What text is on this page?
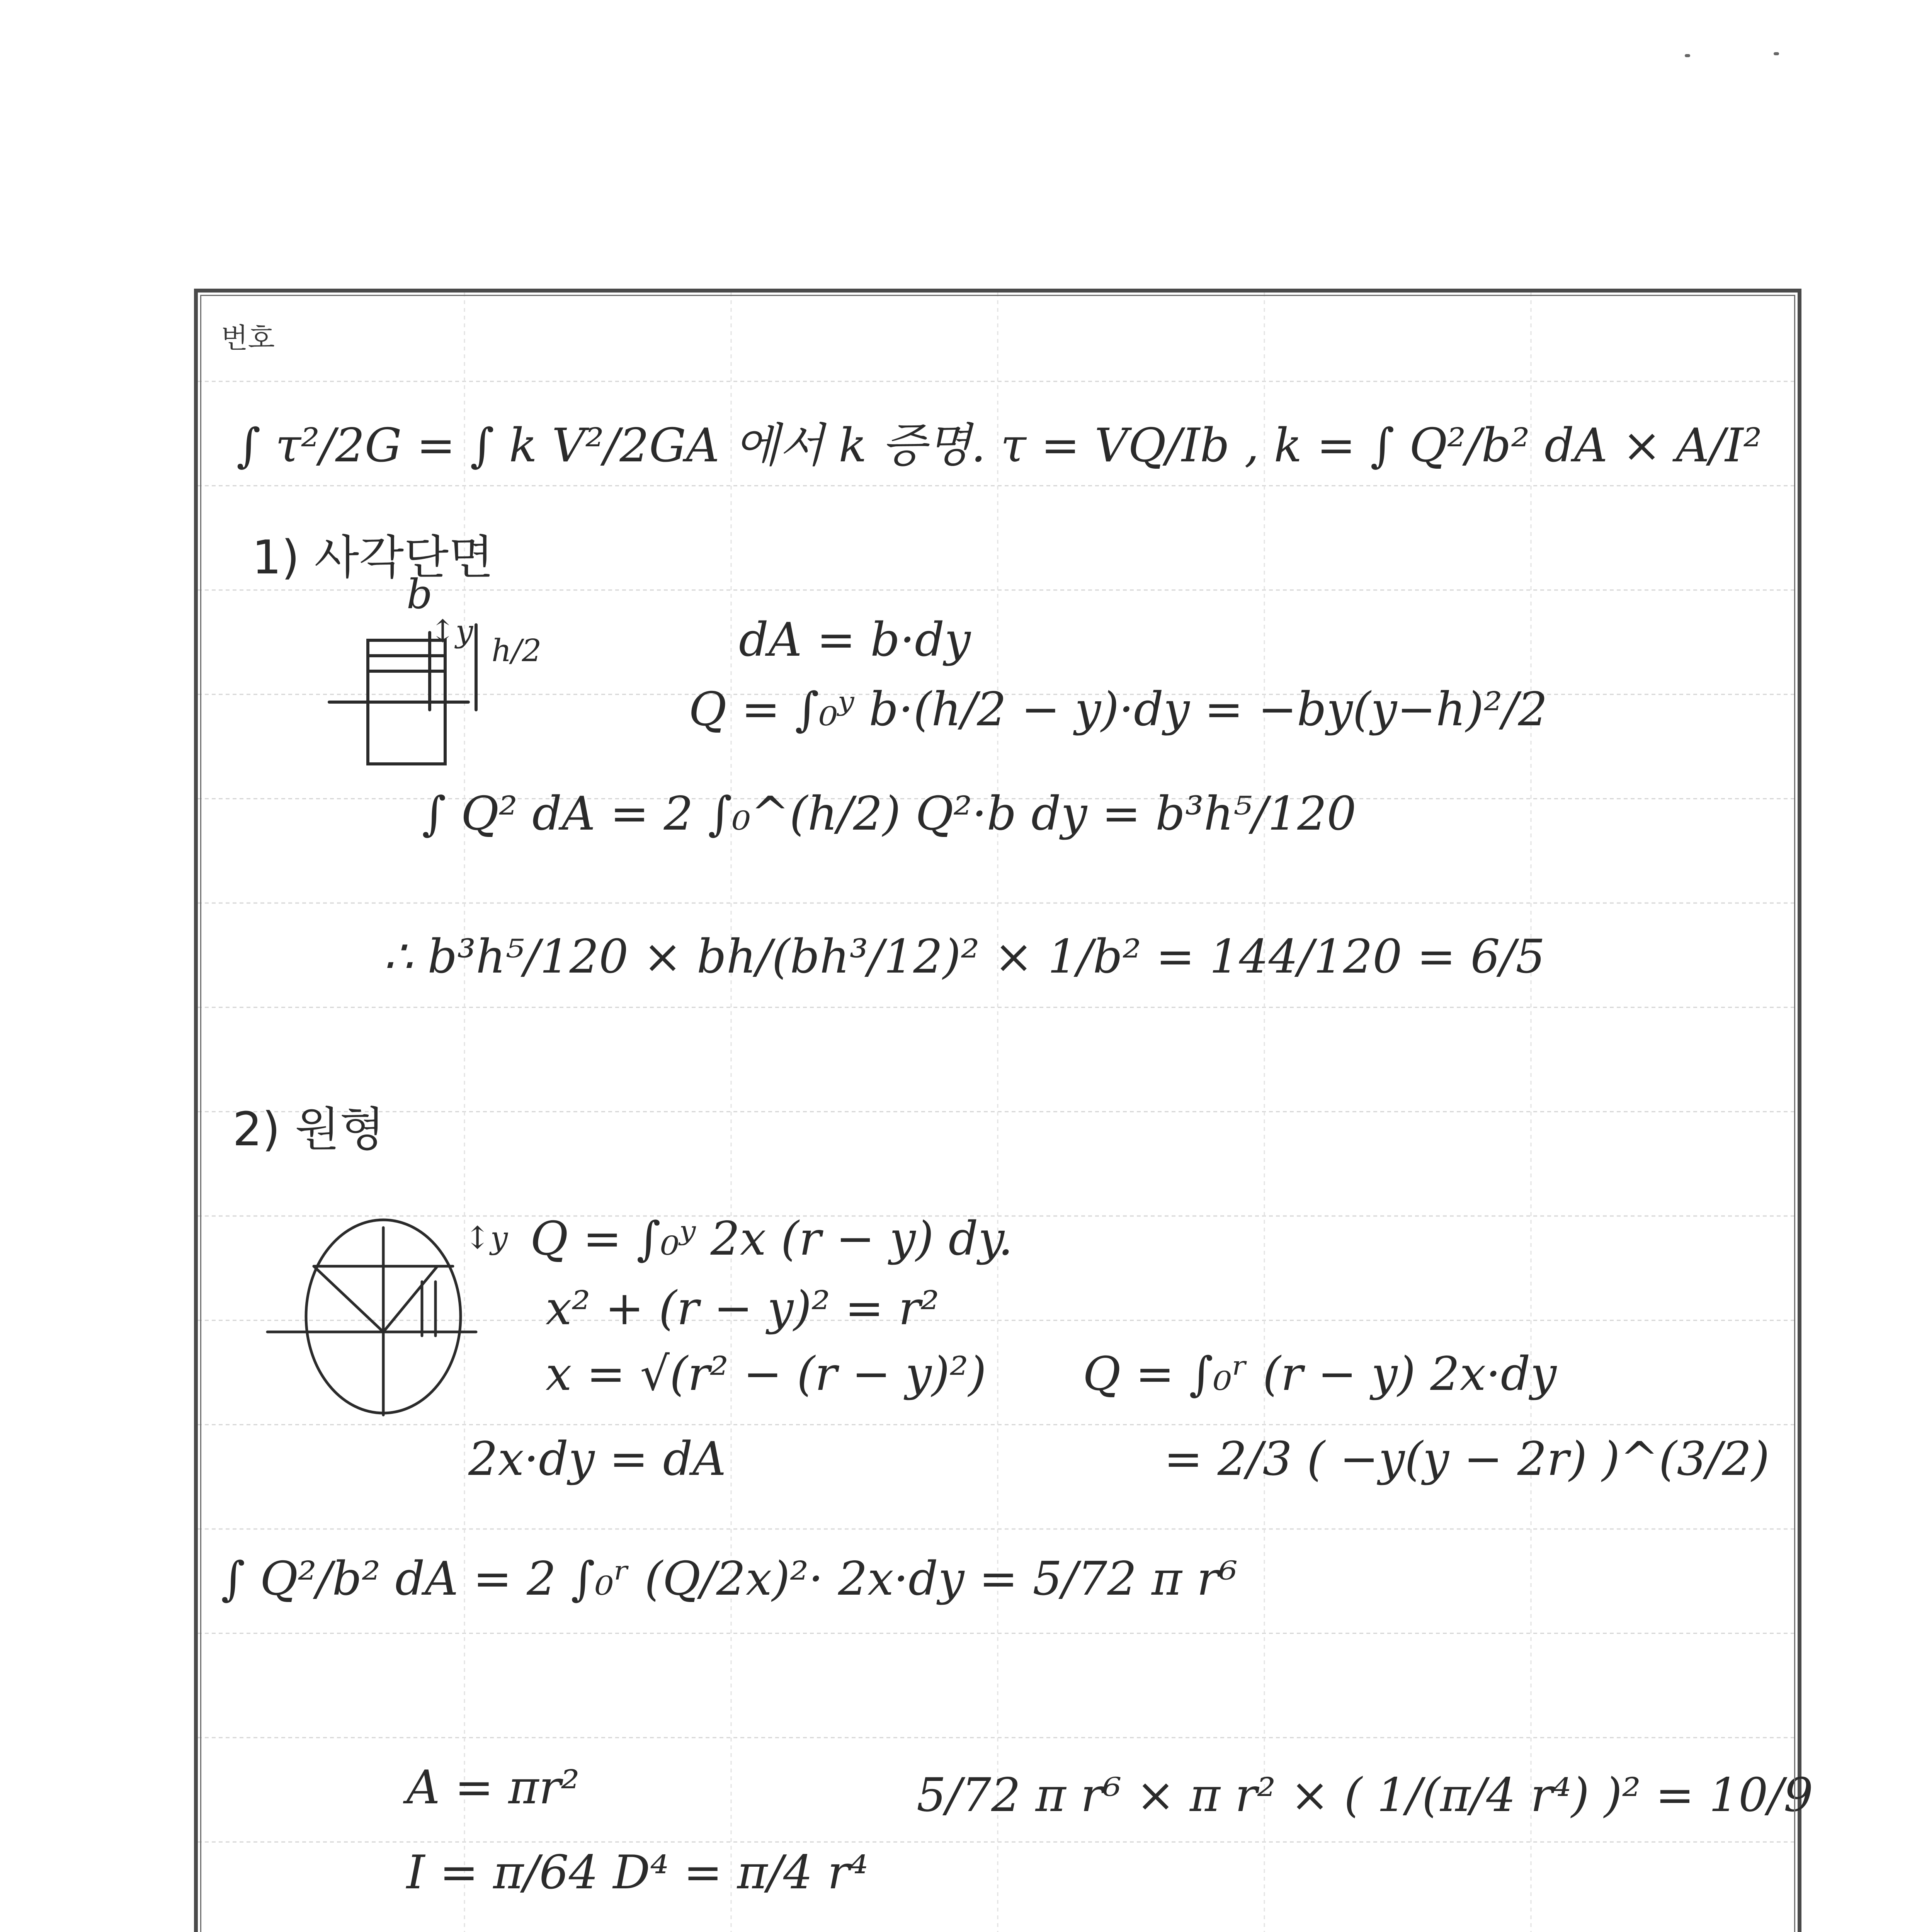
번호
∫ τ²/2G = ∫ k V²/2GA 에서 k 증명. τ = VQ/Ib , k = ∫ Q²/b² dA × A/I²
1) 사각단면
b
↕y
h/2	dA = b·dy
Q = ∫₀ʸ b·(h/2 − y)·dy = −by(y−h)²/2
∫ Q² dA = 2 ∫₀^(h/2) Q²·b dy = b³h⁵/120
∴ b³h⁵/120 × bh/(bh³/12)² × 1/b² = 144/120 = 6/5
2) 원형
↕y Q = ∫₀ʸ 2x (r − y) dy.
x² + (r − y)² = r²
x = √(r² − (r − y)²) Q = ∫₀ʳ (r − y) 2x·dy
2x·dy = dA	= 2/3 ( −y(y − 2r) )^(3/2)
∫ Q²/b² dA = 2 ∫₀ʳ (Q/2x)²· 2x·dy = 5/72 π r⁶
A = πr²
I = π/64 D⁴ = π/4 r⁴
5/72 π r⁶ × π r² × ( 1/(π/4 r⁴) )² = 10/9
